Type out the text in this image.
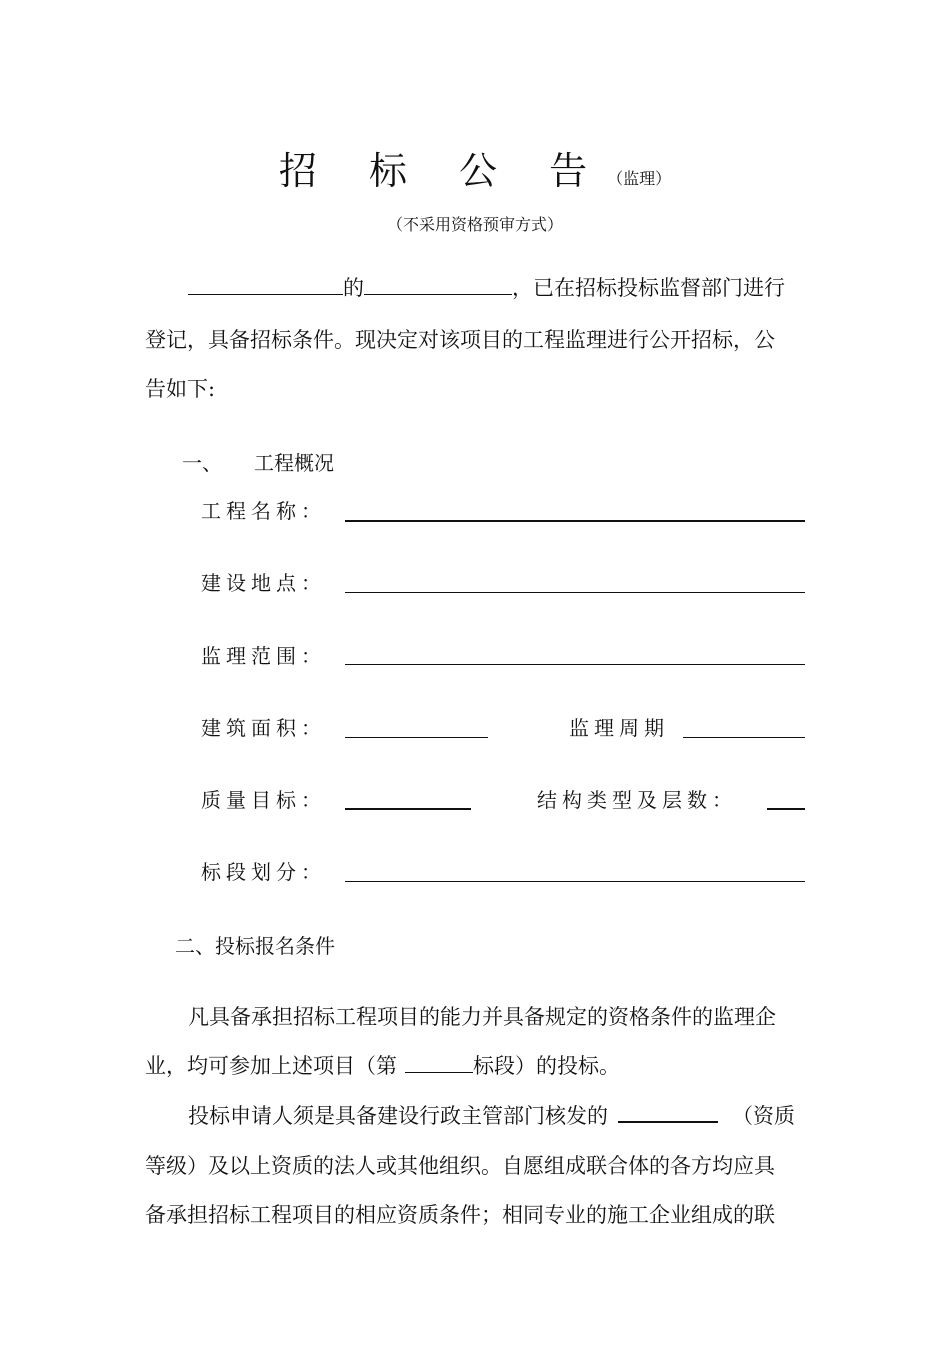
招 标 公 告（监理）
（不采用资格预审方式）
的	，已在招标投标监督部门进行
登记，具备招标条件。现决定对该项目的工程监理进行公开招标，公
告如下:
一、 工程概况
工程名称：
建设地点：
监理范围：
建筑面积：	监理周期
质量目标：	结构类型及层数：
标段划分：
二、投标报名条件
凡具备承担招标工程项目的能力并具备规定的资格条件的监理企
业，均可参加上述项目（第	标段）的投标。
投标申请人须是具备建设行政主管部门核发的	（资质
等级）及以上资质的法人或其他组织。自愿组成联合体的各方均应具
备承担招标工程项目的相应资质条件；相同专业的施工企业组成的联
